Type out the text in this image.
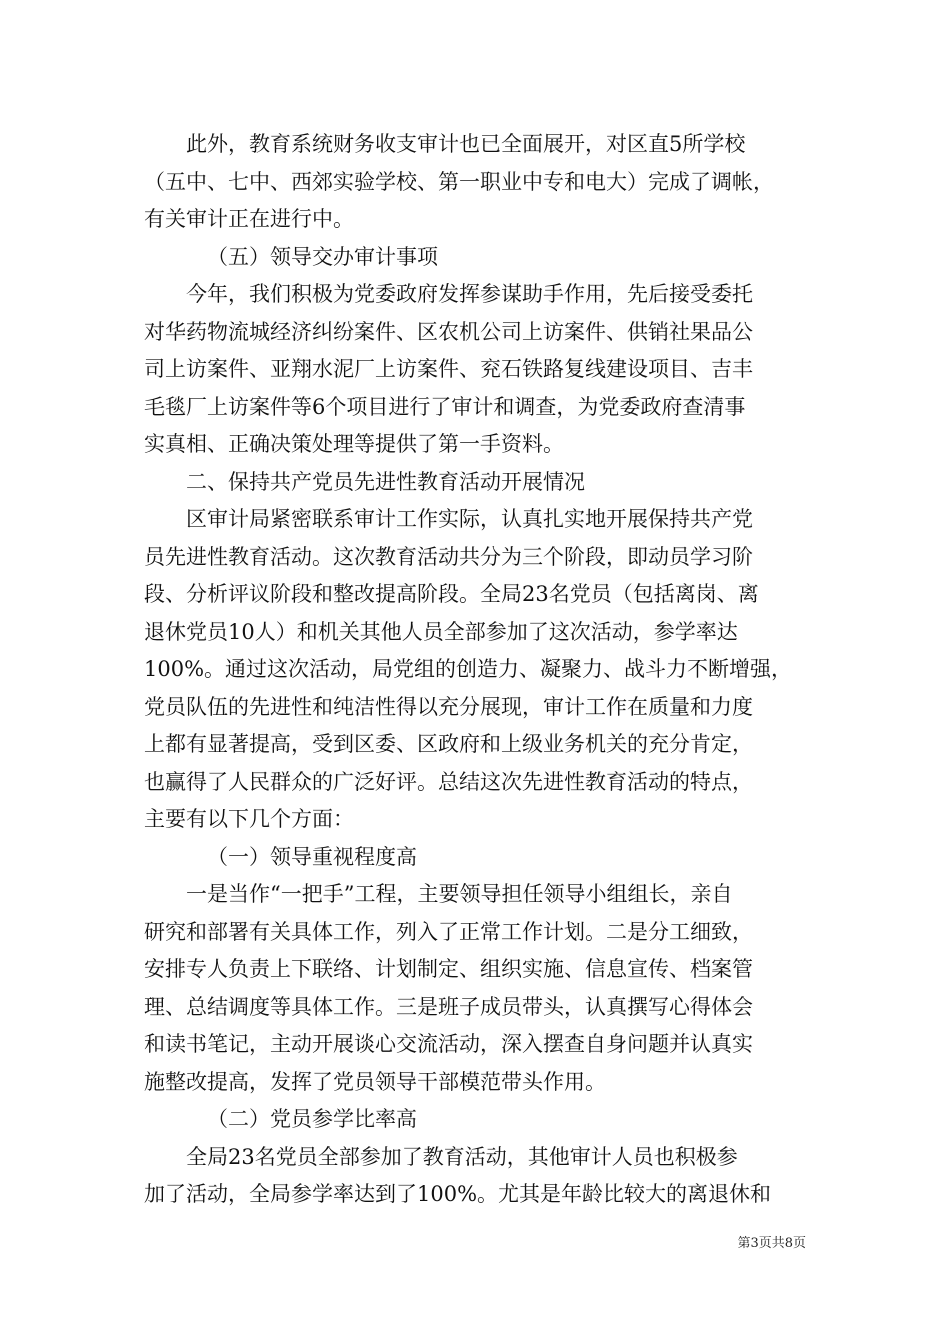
此外，教育系统财务收支审计也已全面展开，对区直5所学校
（五中、七中、西郊实验学校、第一职业中专和电大）完成了调帐，
有关审计正在进行中。
（五）领导交办审计事项
今年，我们积极为党委政府发挥参谋助手作用，先后接受委托
对华药物流城经济纠纷案件、区农机公司上访案件、供销社果品公
司上访案件、亚翔水泥厂上访案件、兖石铁路复线建设项目、吉丰
毛毯厂上访案件等6个项目进行了审计和调查，为党委政府查清事
实真相、正确决策处理等提供了第一手资料。
二、保持共产党员先进性教育活动开展情况
区审计局紧密联系审计工作实际，认真扎实地开展保持共产党
员先进性教育活动。这次教育活动共分为三个阶段，即动员学习阶
段、分析评议阶段和整改提高阶段。全局23名党员（包括离岗、离
退休党员10人）和机关其他人员全部参加了这次活动，参学率达
100%。通过这次活动，局党组的创造力、凝聚力、战斗力不断增强，
党员队伍的先进性和纯洁性得以充分展现，审计工作在质量和力度
上都有显著提高，受到区委、区政府和上级业务机关的充分肯定，
也赢得了人民群众的广泛好评。总结这次先进性教育活动的特点，
主要有以下几个方面：
（一）领导重视程度高
一是当作“一把手”工程，主要领导担任领导小组组长，亲自
研究和部署有关具体工作，列入了正常工作计划。二是分工细致，
安排专人负责上下联络、计划制定、组织实施、信息宣传、档案管
理、总结调度等具体工作。三是班子成员带头，认真撰写心得体会
和读书笔记，主动开展谈心交流活动，深入摆查自身问题并认真实
施整改提高，发挥了党员领导干部模范带头作用。
（二）党员参学比率高
全局23名党员全部参加了教育活动，其他审计人员也积极参
加了活动，全局参学率达到了100%。尤其是年龄比较大的离退休和
第3页共8页
